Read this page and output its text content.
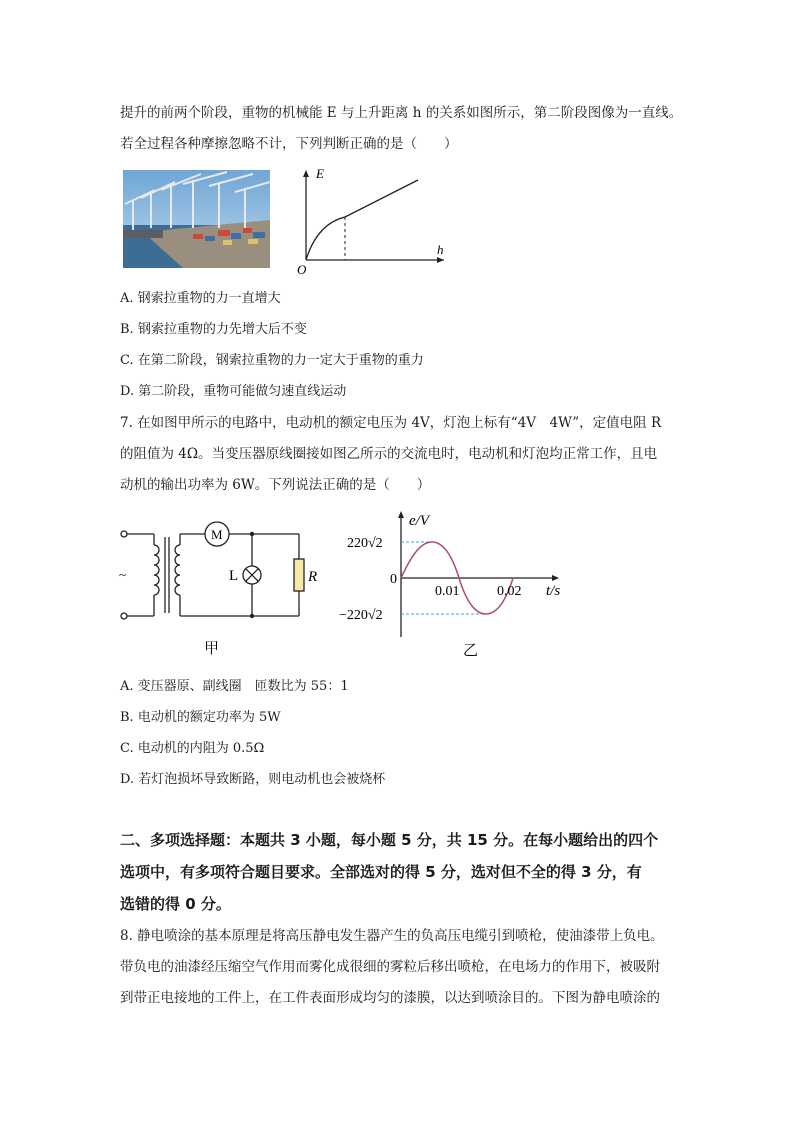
提升的前两个阶段，重物的机械能 E 与上升距离 h 的关系如图所示，第二阶段图像为一直线。
若全过程各种摩擦忽略不计，下列判断正确的是（　　）
E
h
O
A. 钢索拉重物的力一直增大
B. 钢索拉重物的力先增大后不变
C. 在第二阶段，钢索拉重物的力一定大于重物的重力
D. 第二阶段，重物可能做匀速直线运动
7. 在如图甲所示的电路中，电动机的额定电压为 4V，灯泡上标有“4V　4W”，定值电阻 R
的阻值为 4Ω。当变压器原线圈接如图乙所示的交流电时，电动机和灯泡均正常工作，且电
动机的输出功率为 6W。下列说法正确的是（　　）
~
M
L	R
甲
e/V
220√2
0
0.01	0.02 t/s
−220√2
乙
A. 变压器原、副线圈　匝数比为 55：1
B. 电动机的额定功率为 5W
C. 电动机的内阻为 0.5Ω
D. 若灯泡损坏导致断路，则电动机也会被烧杯
二、多项选择题：本题共 3 小题，每小题 5 分，共 15 分。在每小题给出的四个
选项中，有多项符合题目要求。全部选对的得 5 分，选对但不全的得 3 分，有
选错的得 0 分。
8. 静电喷涂的基本原理是将高压静电发生器产生的负高压电缆引到喷枪，使油漆带上负电。
带负电的油漆经压缩空气作用而雾化成很细的雾粒后移出喷枪，在电场力的作用下，被吸附
到带正电接地的工件上，在工件表面形成均匀的漆膜，以达到喷涂目的。下图为静电喷涂的
